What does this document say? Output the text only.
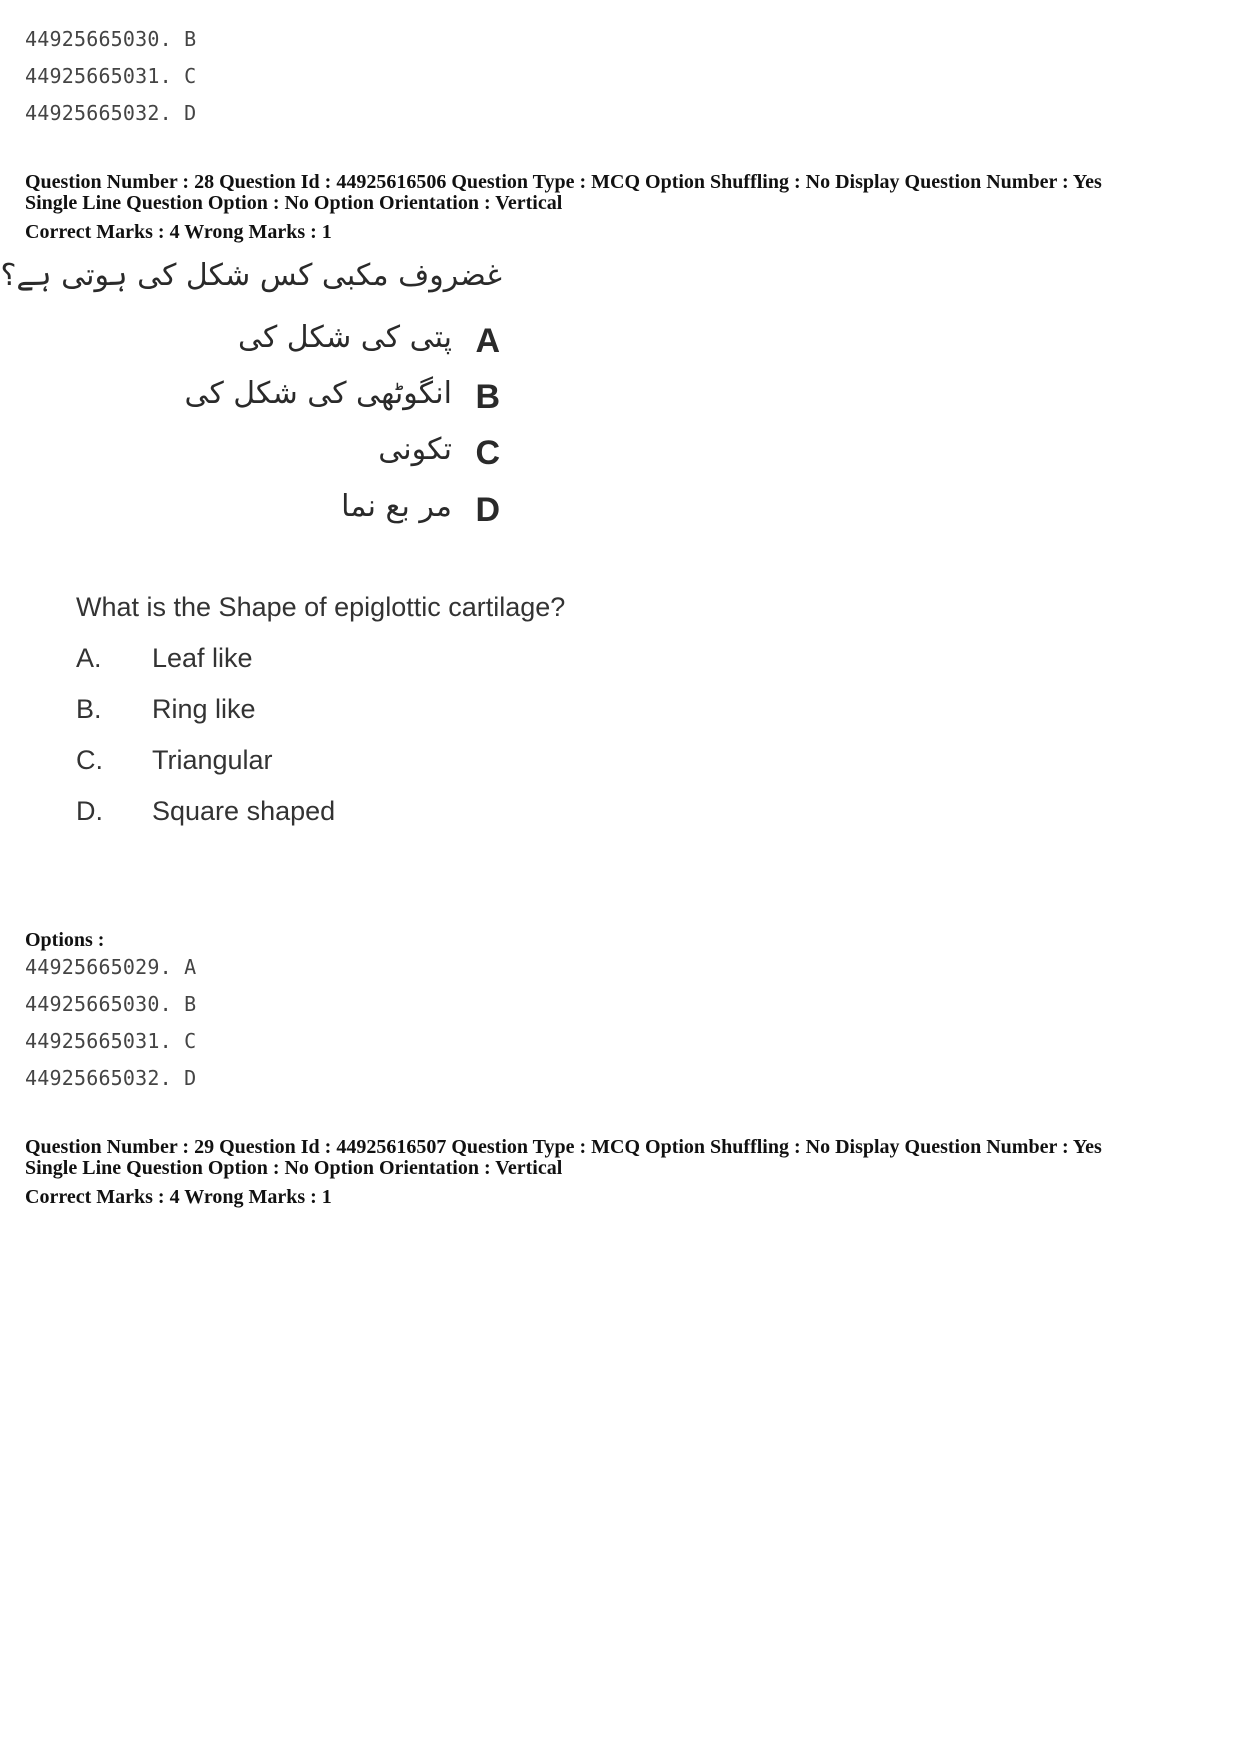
44925665030. B
44925665031. C
44925665032. D
Question Number : 28 Question Id : 44925616506 Question Type : MCQ Option Shuffling : No Display Question Number : Yes
Single Line Question Option : No Option Orientation : Vertical
Correct Marks : 4 Wrong Marks : 1
غضروف مکبی کس شکل کی ہوتی ہے؟
A
پتی کی شکل کی
B
انگوٹھی کی شکل کی
C
تکونی
D
مر بع نما
What is the Shape of epiglottic cartilage?
A. Leaf like
B. Ring like
C. Triangular
D. Square shaped
Options :
44925665029. A
44925665030. B
44925665031. C
44925665032. D
Question Number : 29 Question Id : 44925616507 Question Type : MCQ Option Shuffling : No Display Question Number : Yes
Single Line Question Option : No Option Orientation : Vertical
Correct Marks : 4 Wrong Marks : 1
